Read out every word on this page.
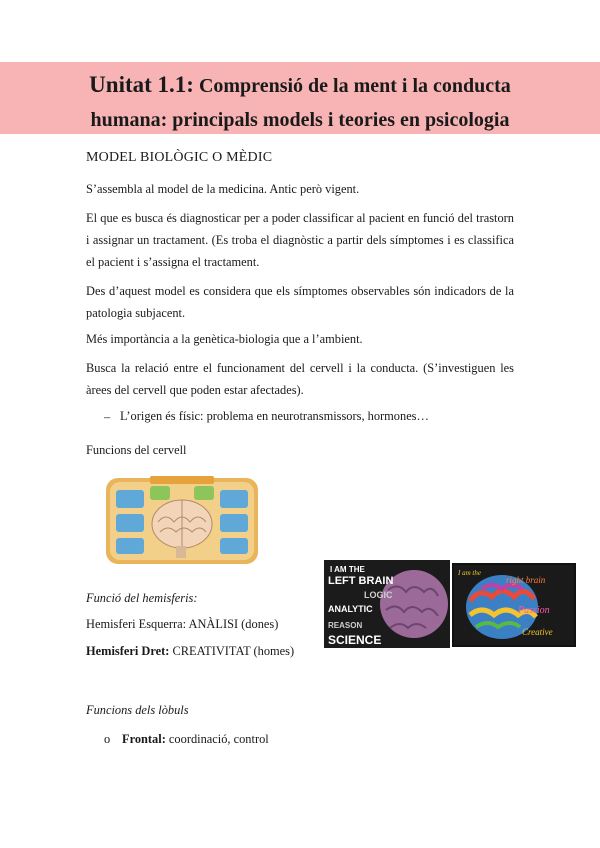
Unitat 1.1: Comprensió de la ment i la conducta
humana: principals models i teories en psicologia
MODEL BIOLÒGIC O MÈDIC
S’assembla al model de la medicina. Antic però vigent.
El que es busca és diagnosticar per a poder classificar al pacient en funció del trastorn i assignar un tractament. (Es troba el diagnòstic a partir dels símptomes i es classifica el pacient i s’assigna el tractament.
Des d’aquest model es considera que els símptomes observables són indicadors de la patologia subjacent.
Més importància a la genètica-biologia que a l’ambient.
Busca la relació entre el funcionament del cervell i la conducta. (S’investiguen les àrees del cervell que poden estar afectades).
– L’origen és físic: problema en neurotransmissors, hormones…
Funcions del cervell
I AM THE
LEFT BRAIN
LOGIC
ANALYTIC
REASON
SCIENCE
I am the
right brain
Passion
Creative
Funció del hemisferis:
Hemisferi Esquerra: ANÀLISI (dones)
Hemisferi Dret: CREATIVITAT (homes)
Funcions dels lòbuls
o Frontal: coordinació, control
